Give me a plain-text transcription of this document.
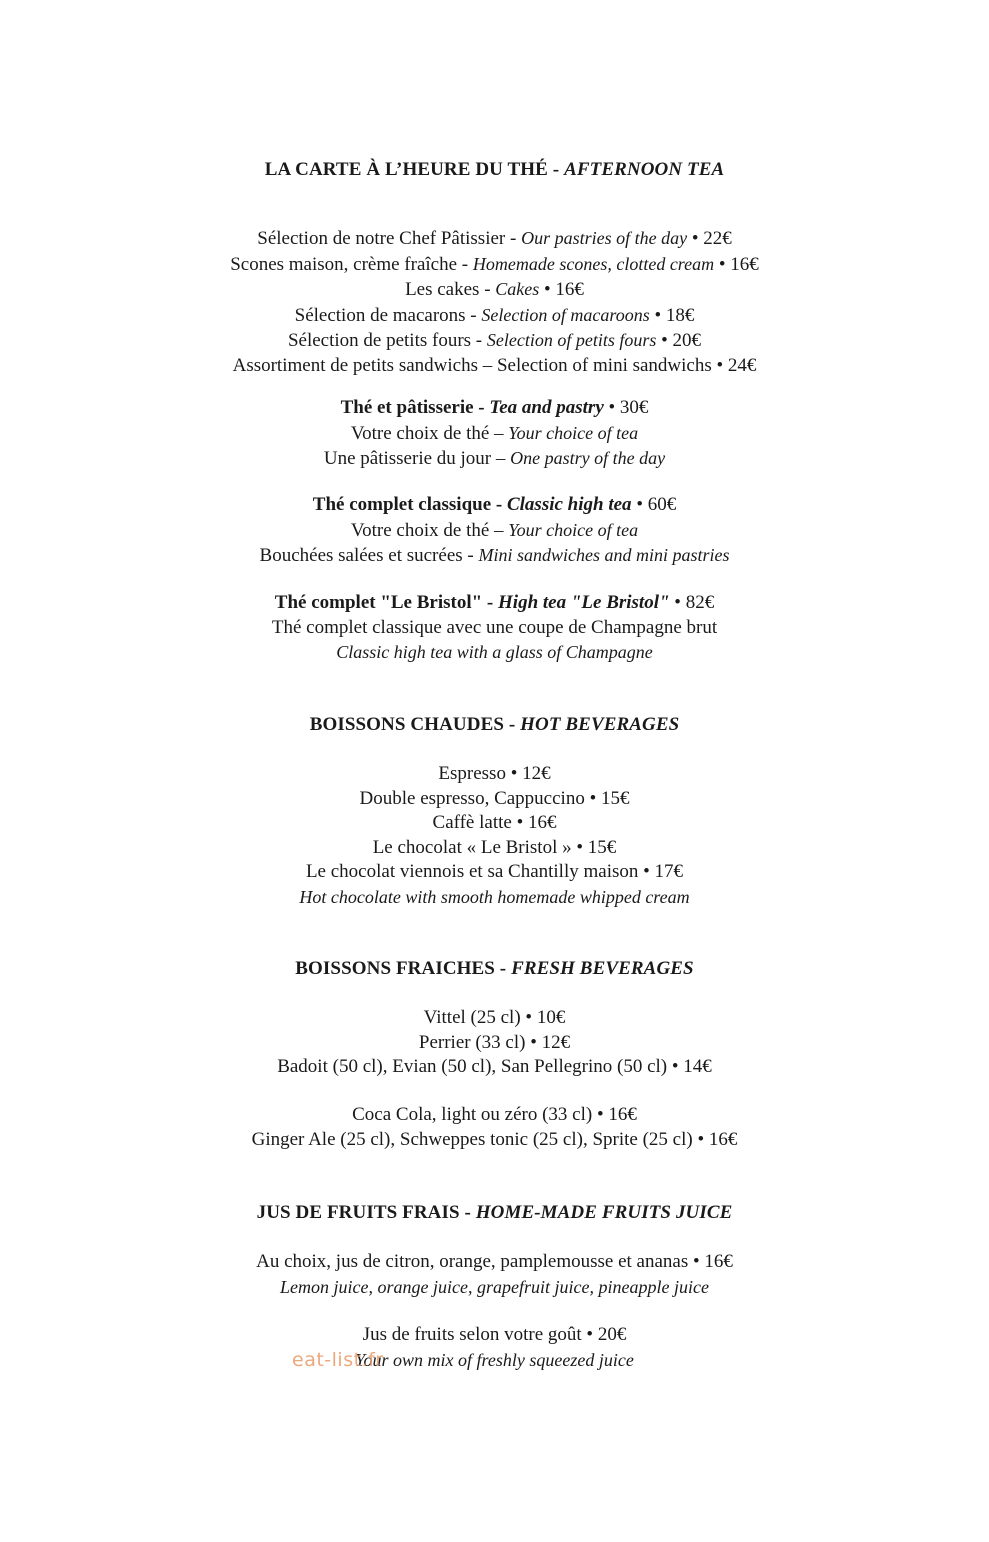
LA CARTE À L’HEURE DU THÉ - AFTERNOON TEA
Sélection de notre Chef Pâtissier - Our pastries of the day • 22€
Scones maison, crème fraîche - Homemade scones, clotted cream • 16€
Les cakes - Cakes • 16€
Sélection de macarons - Selection of macaroons • 18€
Sélection de petits fours - Selection of petits fours • 20€
Assortiment de petits sandwichs – Selection of mini sandwichs • 24€
Thé et pâtisserie - Tea and pastry • 30€
Votre choix de thé – Your choice of tea
Une pâtisserie du jour – One pastry of the day
Thé complet classique - Classic high tea • 60€
Votre choix de thé – Your choice of tea
Bouchées salées et sucrées - Mini sandwiches and mini pastries
Thé complet "Le Bristol" - High tea "Le Bristol" • 82€
Thé complet classique avec une coupe de Champagne brut
Classic high tea with a glass of Champagne
BOISSONS CHAUDES - HOT BEVERAGES
Espresso • 12€
Double espresso, Cappuccino • 15€
Caffè latte • 16€
Le chocolat « Le Bristol » • 15€
Le chocolat viennois et sa Chantilly maison • 17€
Hot chocolate with smooth homemade whipped cream
BOISSONS FRAICHES - FRESH BEVERAGES
Vittel (25 cl) • 10€
Perrier (33 cl) • 12€
Badoit (50 cl), Evian (50 cl), San Pellegrino (50 cl) • 14€
Coca Cola, light ou zéro (33 cl) • 16€
Ginger Ale (25 cl), Schweppes tonic (25 cl), Sprite (25 cl) • 16€
JUS DE FRUITS FRAIS - HOME-MADE FRUITS JUICE
Au choix, jus de citron, orange, pamplemousse et ananas • 16€
Lemon juice, orange juice, grapefruit juice, pineapple juice
Jus de fruits selon votre goût • 20€
Your own mix of freshly squeezed juice
eat-list.fr
